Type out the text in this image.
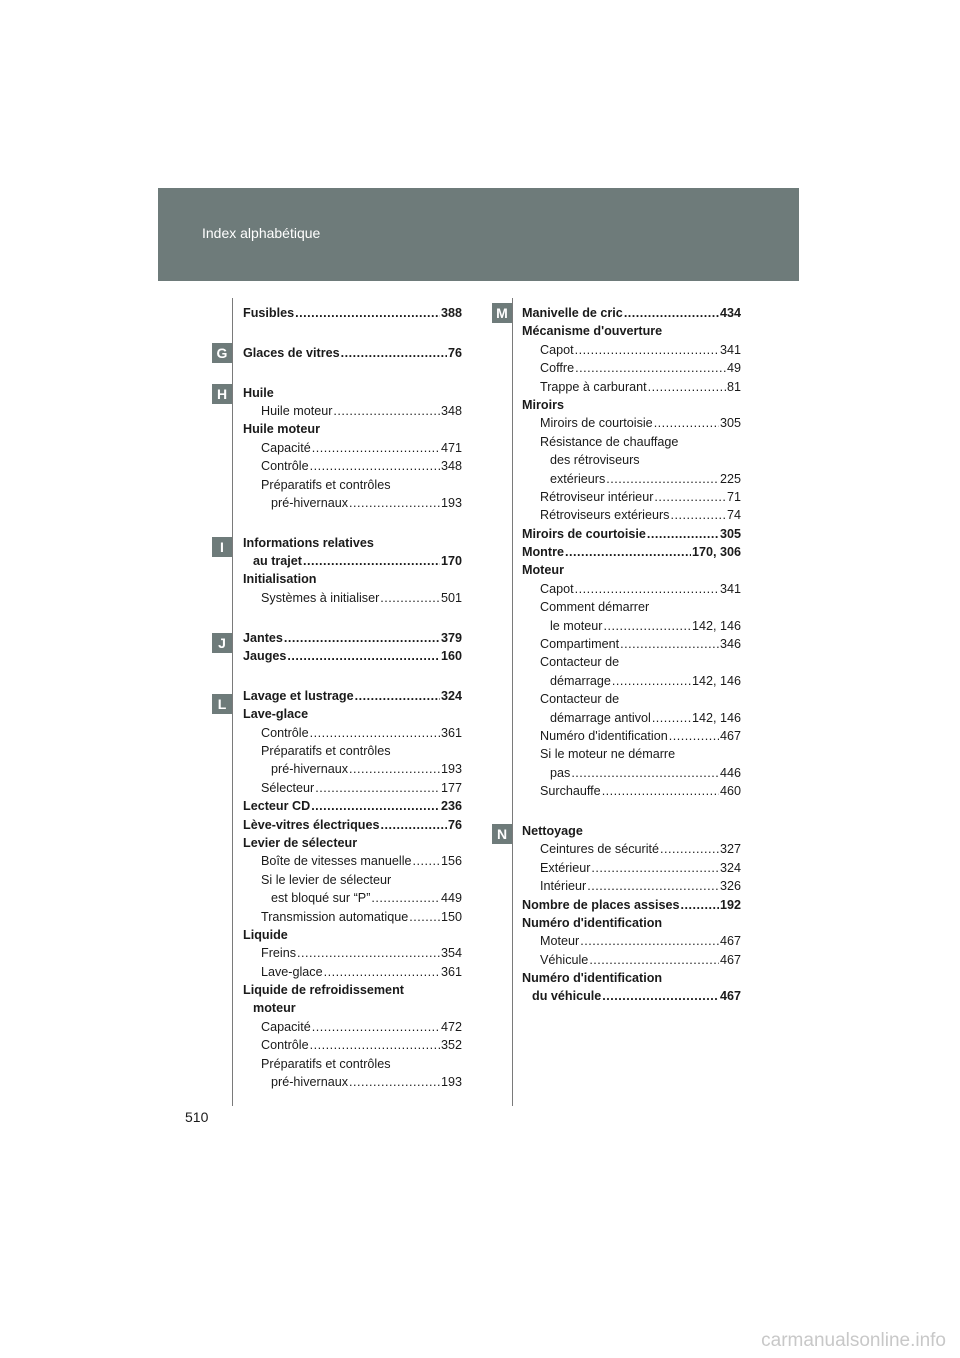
Index alphabétique
G
H
I
J
L
M
N
Fusibles .....	388
Glaces de vitres .....	76
Huile
Huile moteur .....	348
Huile moteur
Capacité .....	471
Contrôle .....	348
Préparatifs et contrôles
pré-hivernaux .....	193
Informations relatives
au trajet .....	170
Initialisation
Systèmes à initialiser .....	501
Jantes .....	379
Jauges .....	160
Lavage et lustrage .....	324
Lave-glace
Contrôle .....	361
Préparatifs et contrôles
pré-hivernaux .....	193
Sélecteur .....	177
Lecteur CD .....	236
Lève-vitres électriques .....	76
Levier de sélecteur
Boîte de vitesses manuelle ..... 156
Si le levier de sélecteur
est bloqué sur “P” .....	449
Transmission automatique .....	150
Liquide
Freins .....	354
Lave-glace .....	361
Liquide de refroidissement
moteur
Capacité .....	472
Contrôle .....	352
Préparatifs et contrôles
pré-hivernaux .....	193
Manivelle de cric .....	434
Mécanisme d'ouverture
Capot .....	341
Coffre .....	49
Trappe à carburant .....	81
Miroirs
Miroirs de courtoisie .....	305
Résistance de chauffage
des rétroviseurs
extérieurs .....	225
Rétroviseur intérieur .....	71
Rétroviseurs extérieurs .....	74
Miroirs de courtoisie .....	305
Montre .....	170, 306
Moteur
Capot .....	341
Comment démarrer
le moteur .....	142, 146
Compartiment .....	346
Contacteur de
démarrage .....	142, 146
Contacteur de
démarrage antivol .....	142, 146
Numéro d'identification .....	467
Si le moteur ne démarre
pas .....	446
Surchauffe .....	460
Nettoyage
Ceintures de sécurité .....	327
Extérieur .....	324
Intérieur .....	326
Nombre de places assises .....	192
Numéro d'identification
Moteur .....	467
Véhicule .....	467
Numéro d'identification
du véhicule .....	467
510
carmanualsonline.info
